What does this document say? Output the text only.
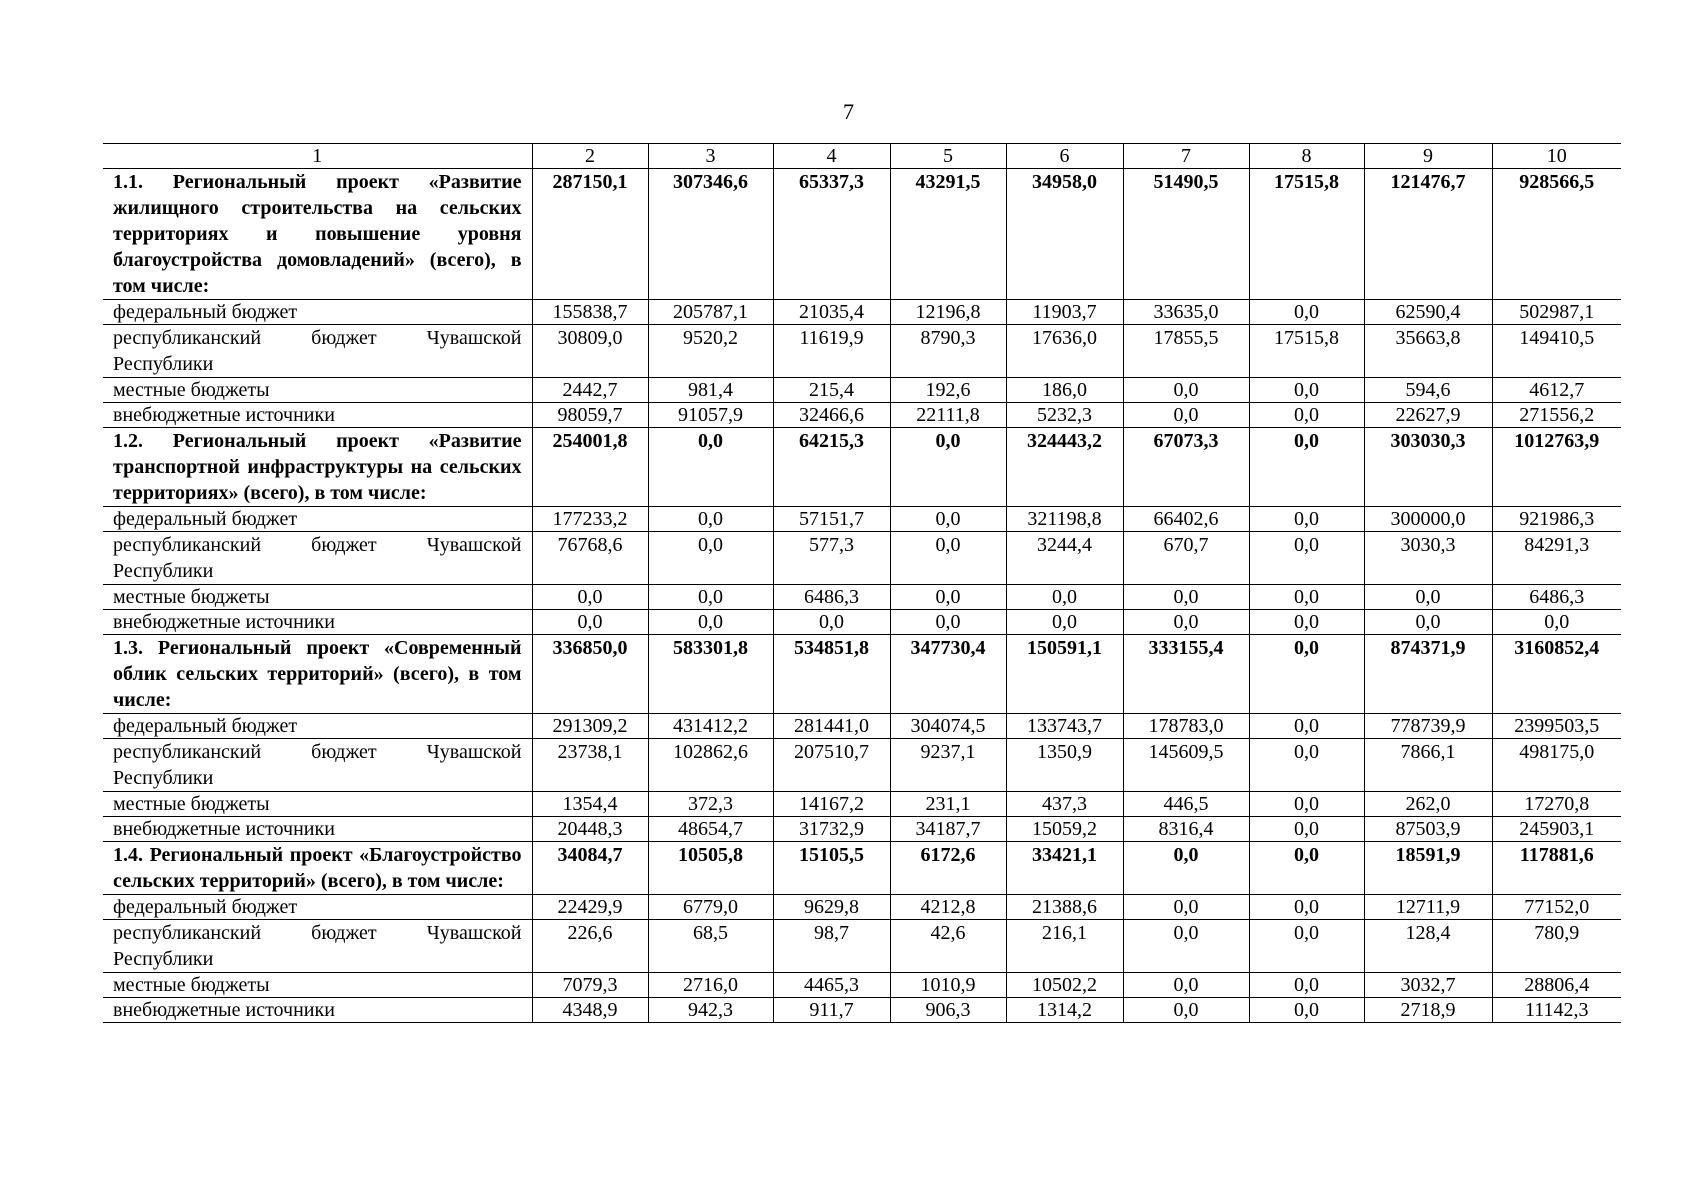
7
1	2	3	4	5	6	7	8	9	10
1.1. Региональный проект «Развитие жилищного строительства на сельских территориях и повышение уровня благоустройства домовладений» (всего), в том числе:	287150,1	307346,6	65337,3	43291,5	34958,0	51490,5	17515,8	121476,7	928566,5
федеральный бюджет	155838,7	205787,1	21035,4	12196,8	11903,7	33635,0	0,0	62590,4	502987,1
республиканский бюджет Чувашской Республики	30809,0	9520,2	11619,9	8790,3	17636,0	17855,5	17515,8	35663,8	149410,5
местные бюджеты	2442,7	981,4	215,4	192,6	186,0	0,0	0,0	594,6	4612,7
внебюджетные источники	98059,7	91057,9	32466,6	22111,8	5232,3	0,0	0,0	22627,9	271556,2
1.2. Региональный проект «Развитие транспортной инфраструктуры на сельских территориях» (всего), в том числе:	254001,8	0,0	64215,3	0,0	324443,2	67073,3	0,0	303030,3	1012763,9
федеральный бюджет	177233,2	0,0	57151,7	0,0	321198,8	66402,6	0,0	300000,0	921986,3
республиканский бюджет Чувашской Республики	76768,6	0,0	577,3	0,0	3244,4	670,7	0,0	3030,3	84291,3
местные бюджеты	0,0	0,0	6486,3	0,0	0,0	0,0	0,0	0,0	6486,3
внебюджетные источники	0,0	0,0	0,0	0,0	0,0	0,0	0,0	0,0	0,0
1.3. Региональный проект «Современный облик сельских территорий» (всего), в том числе:	336850,0	583301,8	534851,8	347730,4	150591,1	333155,4	0,0	874371,9	3160852,4
федеральный бюджет	291309,2	431412,2	281441,0	304074,5	133743,7	178783,0	0,0	778739,9	2399503,5
республиканский бюджет Чувашской Республики	23738,1	102862,6	207510,7	9237,1	1350,9	145609,5	0,0	7866,1	498175,0
местные бюджеты	1354,4	372,3	14167,2	231,1	437,3	446,5	0,0	262,0	17270,8
внебюджетные источники	20448,3	48654,7	31732,9	34187,7	15059,2	8316,4	0,0	87503,9	245903,1
1.4. Региональный проект «Благоустройство сельских территорий» (всего), в том числе:	34084,7	10505,8	15105,5	6172,6	33421,1	0,0	0,0	18591,9	117881,6
федеральный бюджет	22429,9	6779,0	9629,8	4212,8	21388,6	0,0	0,0	12711,9	77152,0
республиканский бюджет Чувашской Республики	226,6	68,5	98,7	42,6	216,1	0,0	0,0	128,4	780,9
местные бюджеты	7079,3	2716,0	4465,3	1010,9	10502,2	0,0	0,0	3032,7	28806,4
внебюджетные источники	4348,9	942,3	911,7	906,3	1314,2	0,0	0,0	2718,9	11142,3
